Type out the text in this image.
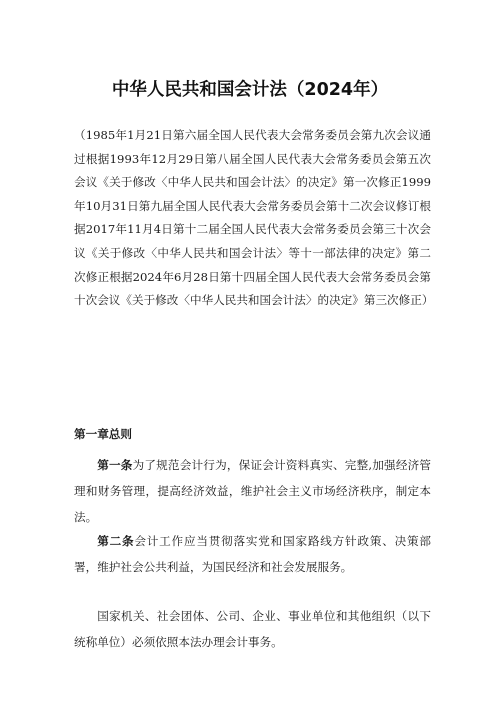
中华人民共和国会计法（2024年）

（1985年1月21日第六届全国人民代表大会常务委员会第九次会议通过根据1993年12月29日第八届全国人民代表大会常务委员会第五次会议《关于修改〈中华人民共和国会计法〉的决定》第一次修正1999年10月31日第九届全国人民代表大会常务委员会第十二次会议修订根据2017年11月4日第十二届全国人民代表大会常务委员会第三十次会议《关于修改〈中华人民共和国会计法〉等十一部法律的决定》第二次修正根据2024年6月28日第十四届全国人民代表大会常务委员会第十次会议《关于修改〈中华人民共和国会计法〉的决定》第三次修正）

第一章总则

第一条为了规范会计行为，保证会计资料真实、完整,加强经济管理和财务管理，提高经济效益，维护社会主义市场经济秩序，制定本法。

第二条会计工作应当贯彻落实党和国家路线方针政策、决策部署，维护社会公共利益，为国民经济和社会发展服务。

国家机关、社会团体、公司、企业、事业单位和其他组织（以下统称单位）必须依照本法办理会计事务。
